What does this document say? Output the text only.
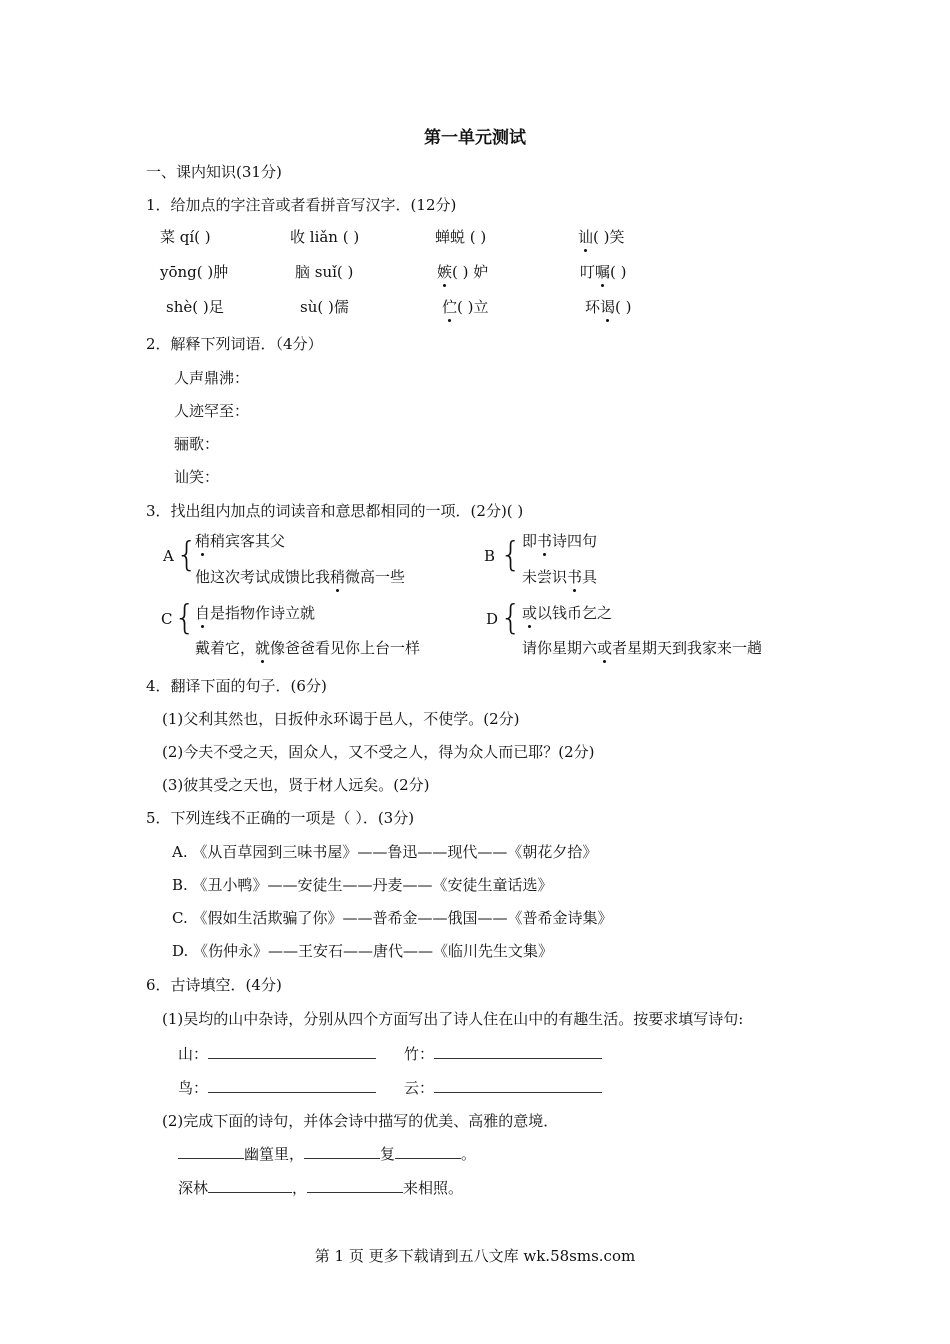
第一单元测试
一、课内知识(31分)
1．给加点的字注音或者看拼音写汉字．(12分)
菜 qí( )	收 liǎn ( )	蝉蜕 ( )	讪( )笑
yōng( )肿	脑 suǐ( )	嫉( ) 妒	叮嘱( )
shè( )足	sù( )儒	伫( )立	环谒( )
2．解释下列词语．（4分）
人声鼎沸：
人迹罕至：
骊歌：
讪笑：
3．找出组内加点的词读音和意思都相同的一项．(2分)( )
A {
稍稍宾客其父
他这次考试成馈比我稍微高一些
B { 即书诗四句
未尝识书具
C { 自是指物作诗立就
戴着它，就像爸爸看见你上台一样
D { 或以钱币乞之
请你星期六或者星期天到我家来一趟
4．翻译下面的句子．(6分)
(1)父利其然也，日扳仲永环谒于邑人，不使学。(2分)
(2)今夫不受之天，固众人，又不受之人，得为众人而已耶？(2分)
(3)彼其受之天也，贤于材人远矣。(2分)
5．下列连线不正确的一项是（ ）．(3分)
A. 《从百草园到三味书屋》——鲁迅——现代——《朝花夕拾》
B. 《丑小鸭》——安徒生——丹麦——《安徒生童话选》
C. 《假如生活欺骗了你》——普希金——俄国——《普希金诗集》
D. 《伤仲永》——王安石——唐代——《临川先生文集》
6．古诗填空．(4分)
(1)吴均的山中杂诗，分别从四个方面写出了诗人住在山中的有趣生活。按要求填写诗句:
山：	竹：
鸟：	云：
(2)完成下面的诗句，并体会诗中描写的优美、高雅的意境．
幽篁里，	复	。
深林	，	来相照。
第 1 页 更多下载请到五八文库 wk.58sms.com
